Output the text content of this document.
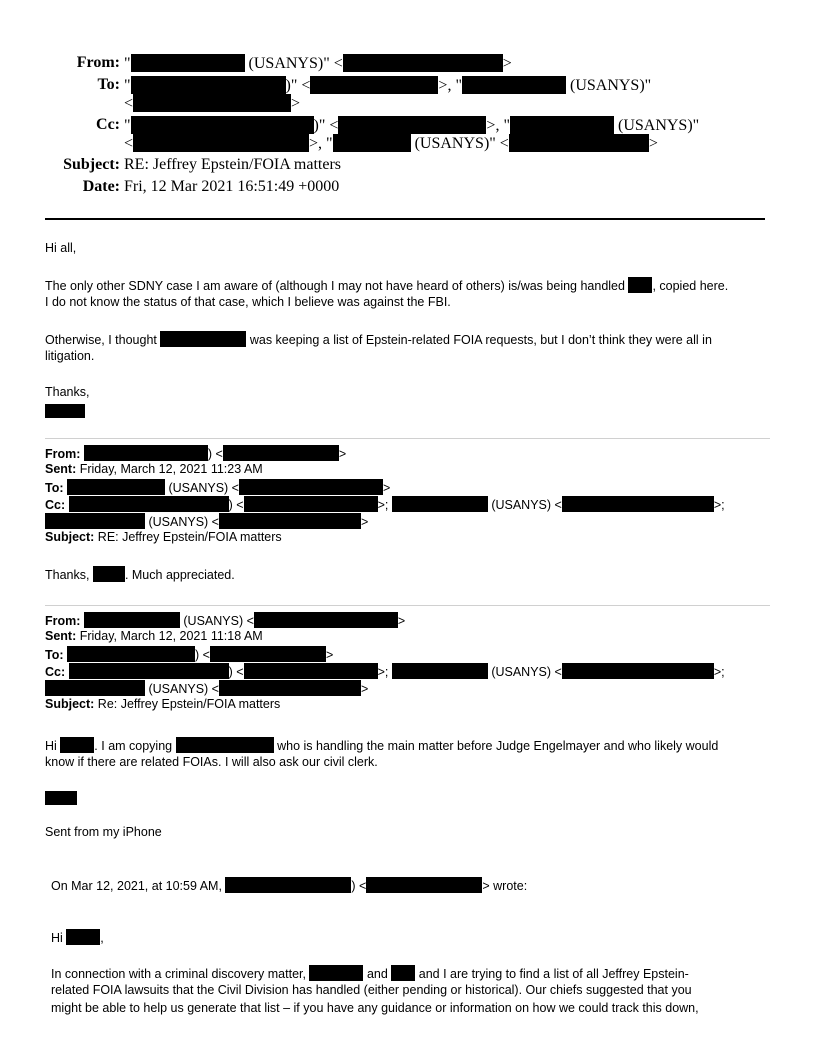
From: "	(USANYS)" <	>
To: "	)" <	>, "	(USANYS)"
<	>
Cc: "	)" <	>, "	(USANYS)"
<	>, "	(USANYS)" <	>
Subject: RE: Jeffrey Epstein/FOIA matters
Date: Fri, 12 Mar 2021 16:51:49 +0000
Hi all,
The only other SDNY case I am aware of (although I may not have heard of others) is/was being handled , copied here.
I do not know the status of that case, which I believe was against the FBI.
Otherwise, I thought	was keeping a list of Epstein-related FOIA requests, but I don’t think they were all in
litigation.
Thanks,
From:	) <	>
Sent: Friday, March 12, 2021 11:23 AM
To:	(USANYS) <	>
Cc:	) <	>;	(USANYS) <	>;
(USANYS) <	>
Subject: RE: Jeffrey Epstein/FOIA matters
Thanks,	. Much appreciated.
From:	(USANYS) <	>
Sent: Friday, March 12, 2021 11:18 AM
To:	) <	>
Cc:	) <	>;	(USANYS) <	>;
(USANYS) <	>
Subject: Re: Jeffrey Epstein/FOIA matters
Hi	. I am copying	who is handling the main matter before Judge Engelmayer and who likely would
know if there are related FOIAs. I will also ask our civil clerk.
Sent from my iPhone
On Mar 12, 2021, at 10:59 AM,	) <	> wrote:
Hi	,
In connection with a criminal discovery matter,	and and I are trying to find a list of all Jeffrey Epstein-
related FOIA lawsuits that the Civil Division has handled (either pending or historical). Our chiefs suggested that you
might be able to help us generate that list – if you have any guidance or information on how we could track this down,
